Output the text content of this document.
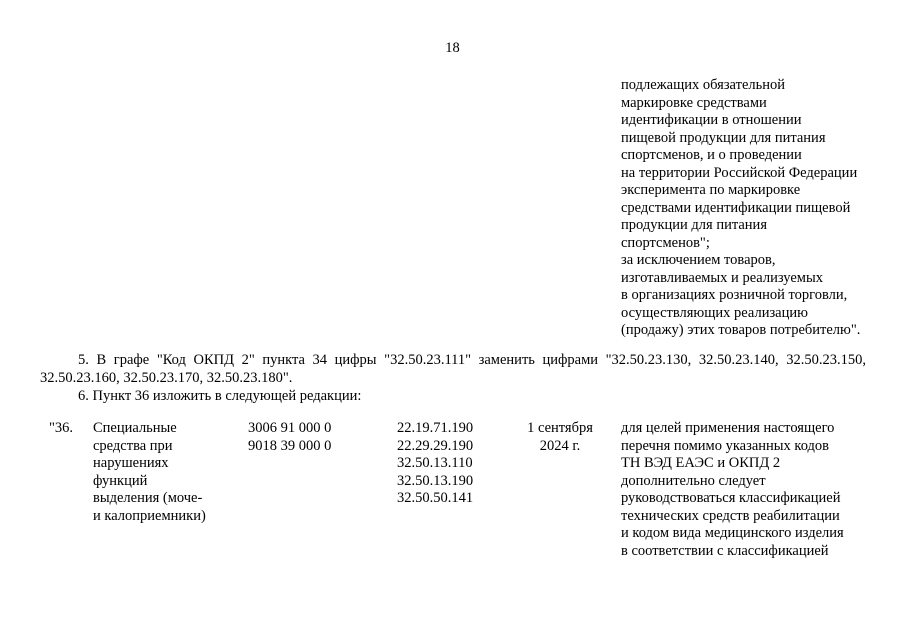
18
подлежащих обязательной
маркировке средствами
идентификации в отношении
пищевой продукции для питания
спортсменов, и о проведении
на территории Российской Федерации
эксперимента по маркировке
средствами идентификации пищевой
продукции для питания
спортсменов";
за исключением товаров,
изготавливаемых и реализуемых
в организациях розничной торговли,
осуществляющих реализацию
(продажу) этих товаров потребителю".
5. В графе "Код ОКПД 2" пункта 34 цифры "32.50.23.111" заменить цифрами "32.50.23.130, 32.50.23.140, 32.50.23.150, 32.50.23.160, 32.50.23.170, 32.50.23.180".
6. Пункт 36 изложить в следующей редакции:
"36. Специальные
средства при
нарушениях
функций
выделения (моче-
и калоприемники)
3006 91 000 0
9018 39 000 0
22.19.71.190
22.29.29.190
32.50.13.110
32.50.13.190
32.50.50.141
1 сентября
2024 г.
для целей применения настоящего
перечня помимо указанных кодов
ТН ВЭД ЕАЭС и ОКПД 2
дополнительно следует
руководствоваться классификацией
технических средств реабилитации
и кодом вида медицинского изделия
в соответствии с классификацией
